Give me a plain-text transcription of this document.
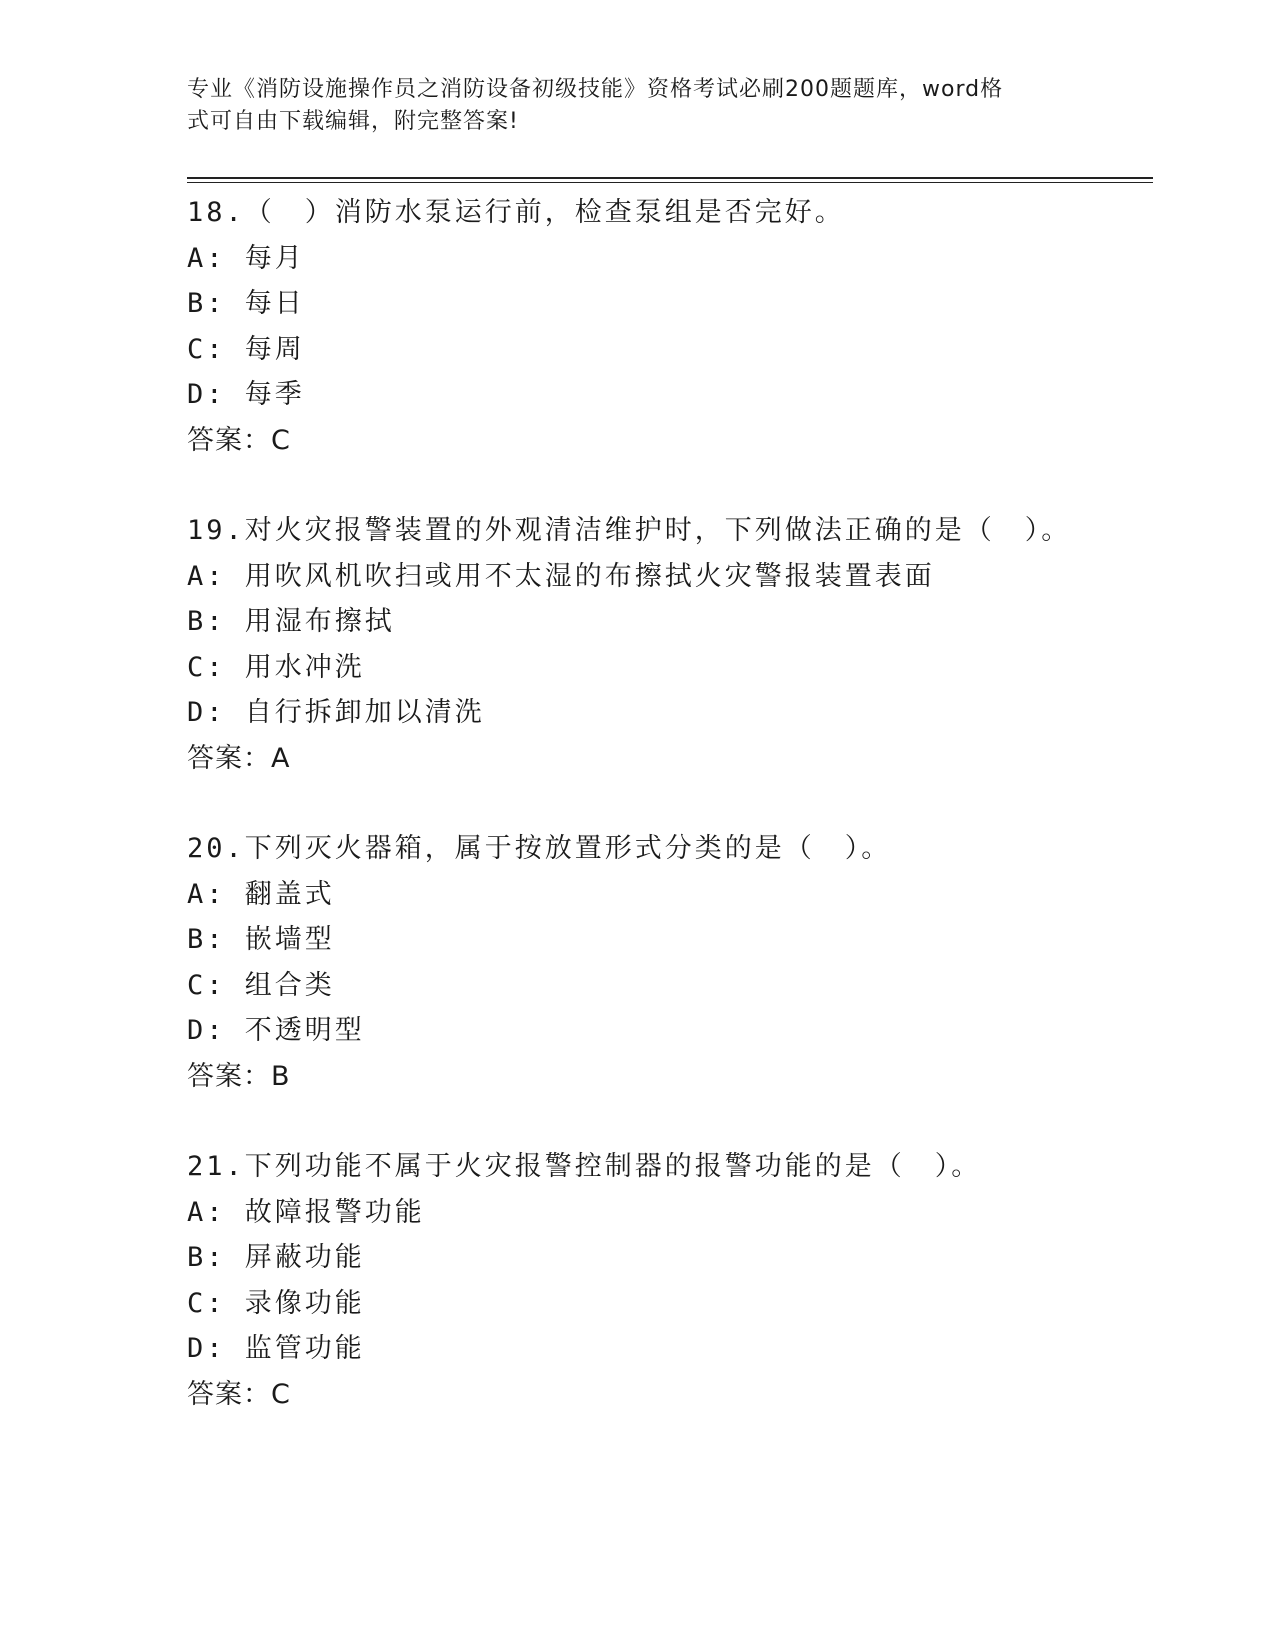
专业《消防设施操作员之消防设备初级技能》资格考试必刷200题题库，word格
式可自由下载编辑，附完整答案!
18.（　）消防水泵运行前，检查泵组是否完好。
A: 每月
B: 每日
C: 每周
D: 每季
答案：C
19.对火灾报警装置的外观清洁维护时，下列做法正确的是（　）。
A: 用吹风机吹扫或用不太湿的布擦拭火灾警报装置表面
B: 用湿布擦拭
C: 用水冲洗
D: 自行拆卸加以清洗
答案：A
20.下列灭火器箱，属于按放置形式分类的是（　）。
A: 翻盖式
B: 嵌墙型
C: 组合类
D: 不透明型
答案：B
21.下列功能不属于火灾报警控制器的报警功能的是（　）。
A: 故障报警功能
B: 屏蔽功能
C: 录像功能
D: 监管功能
答案：C
